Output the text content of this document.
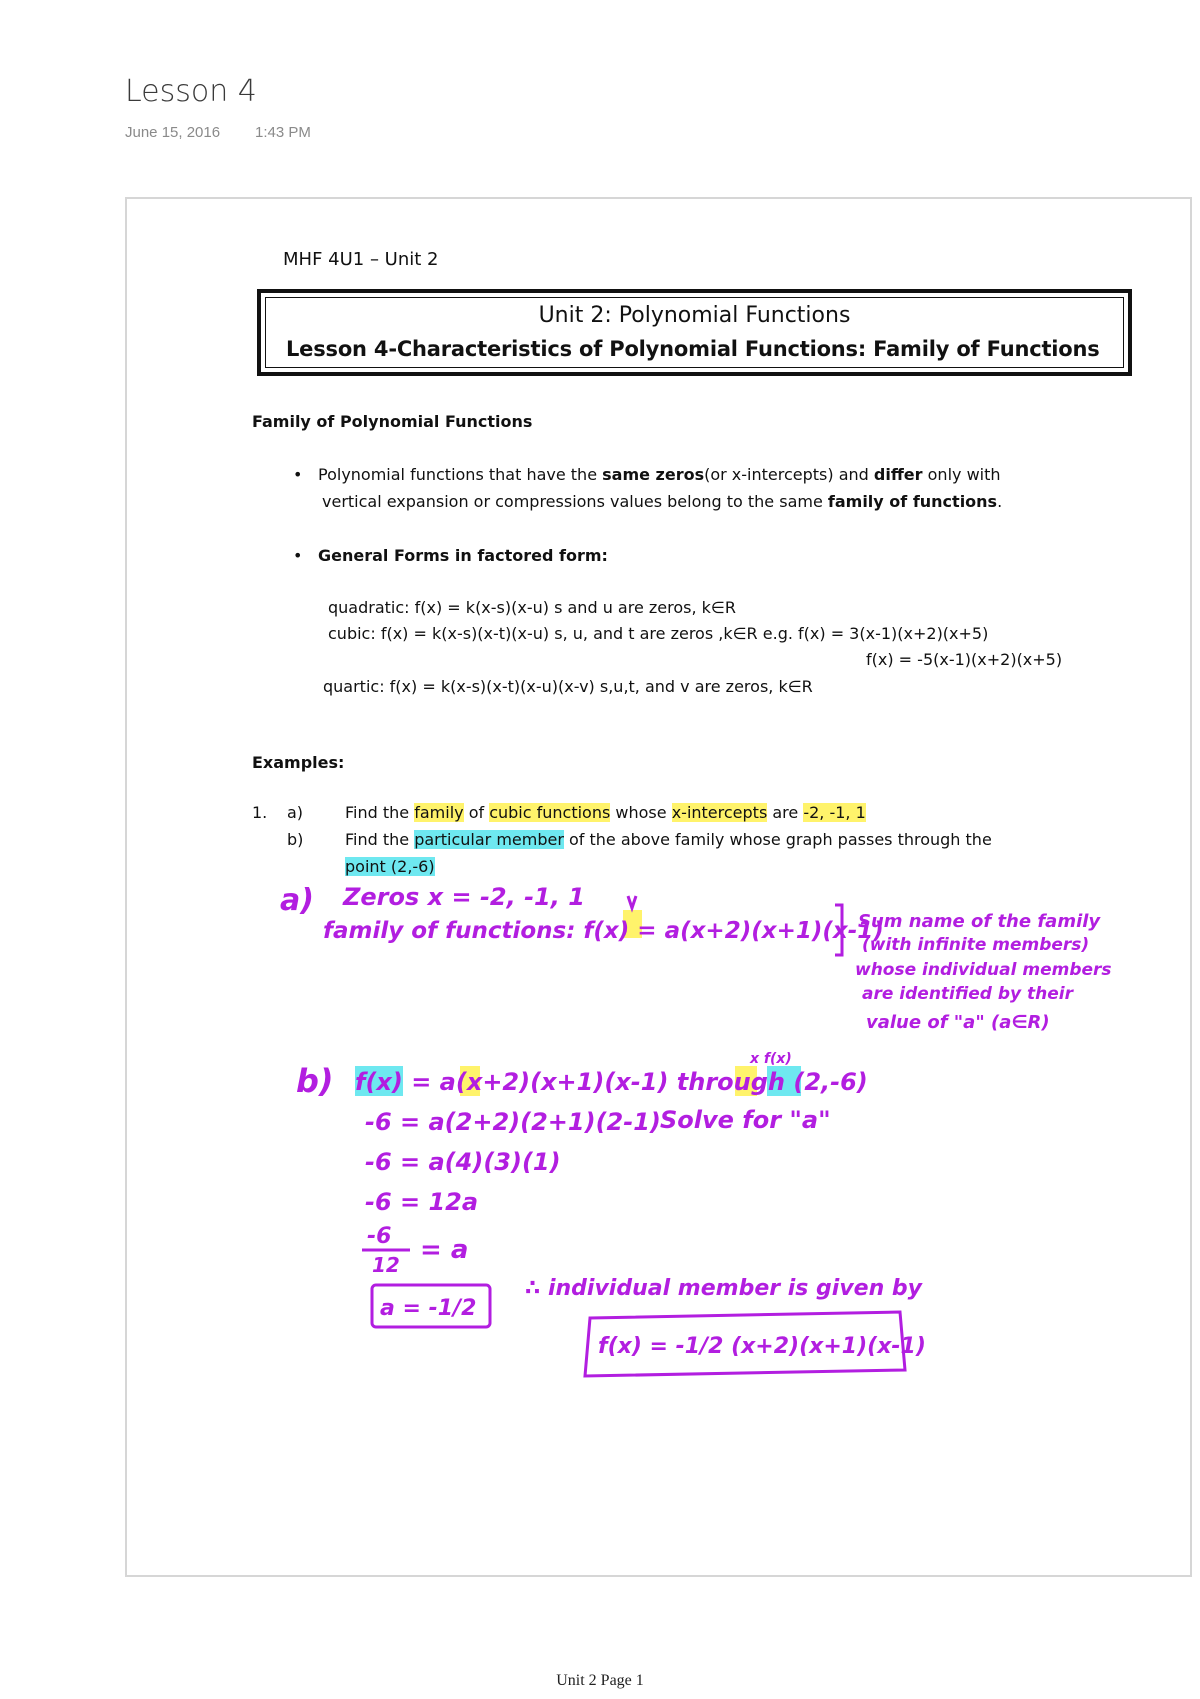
Lesson 4
June 15, 2016 1:43 PM
MHF 4U1 – Unit 2
Unit 2: Polynomial Functions
Lesson 4-Characteristics of Polynomial Functions: Family of Functions
Family of Polynomial Functions
• Polynomial functions that have the same zeros(or x-intercepts) and differ only with
vertical expansion or compressions values belong to the same family of functions.
• General Forms in factored form:
quadratic: f(x) = k(x-s)(x-u) s and u are zeros, k∈R
cubic: f(x) = k(x-s)(x-t)(x-u) s, u, and t are zeros ,k∈R e.g. f(x) = 3(x-1)(x+2)(x+5)
f(x) = -5(x-1)(x+2)(x+5)
quartic: f(x) = k(x-s)(x-t)(x-u)(x-v) s,u,t, and v are zeros, k∈R
Examples:
1. a)	Find the family of cubic functions whose x-intercepts are -2, -1, 1
b)	Find the particular member of the above family whose graph passes through the
point (2,-6)
a) Zeros x = -2, -1, 1
family of functions: f(x) = a(x+2)(x+1)(x-1)
Sum name of the family
(with infinite members)
whose individual members
are identified by their
value of "a" (a∈R)
b) f(x) = a(x+2)(x+1)(x-1) through (2,-6)
x f(x)
-6 = a(2+2)(2+1)(2-1) Solve for "a"
-6 = a(4)(3)(1)
-6 = 12a
-6
12 = a
a = -1/2
∴ individual member is given by
f(x) = -1/2 (x+2)(x+1)(x-1)
Unit 2 Page 1
